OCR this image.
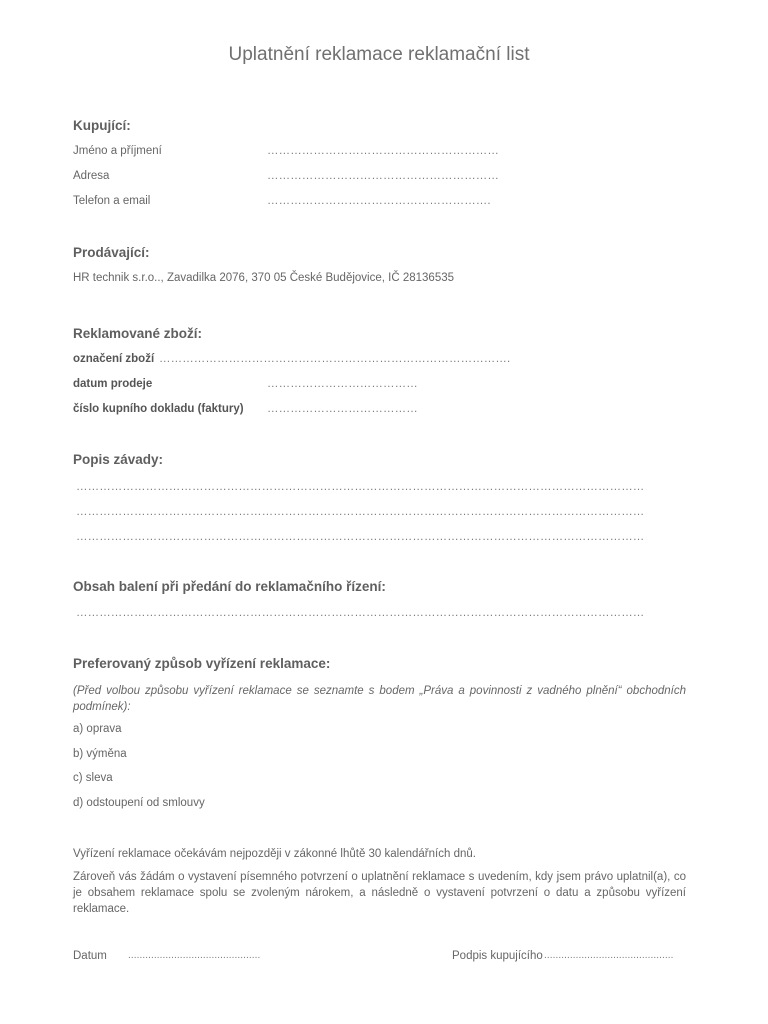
Uplatnění reklamace reklamační list
Kupující:
Jméno a příjmení	……………………………………………………
Adresa	……………………………………………………
Telefon a email	………………………………………………….
Prodávající:
HR technik s.r.o.., Zavadilka 2076, 370 05 České Budějovice, IČ 28136535
Reklamované zboží:
označení zboží ……………………………………………………………………………….
datum prodeje	…………………………………
číslo kupního dokladu (faktury) …………………………………
Popis závady:
…………………………………………………………………………………………………………………………………
…………………………………………………………………………………………………………………………………
…………………………………………………………………………………………………………………………………
Obsah balení při předání do reklamačního řízení:
…………………………………………………………………………………………………………………………………
Preferovaný způsob vyřízení reklamace:
(Před volbou způsobu vyřízení reklamace se seznamte s bodem „Práva a povinnosti z vadného plnění“ obchodních podmínek):
a) oprava
b) výměna
c) sleva
d) odstoupení od smlouvy
Vyřízení reklamace očekávám nejpozději v zákonné lhůtě 30 kalendářních dnů.
Zároveň vás žádám o vystavení písemného potvrzení o uplatnění reklamace s uvedením, kdy jsem právo uplatnil(a), co je obsahem reklamace spolu se zvoleným nárokem, a následně o vystavení potvrzení o datu a způsobu vyřízení reklamace.
Datum ..............................................	Podpis kupujícího .............................................
